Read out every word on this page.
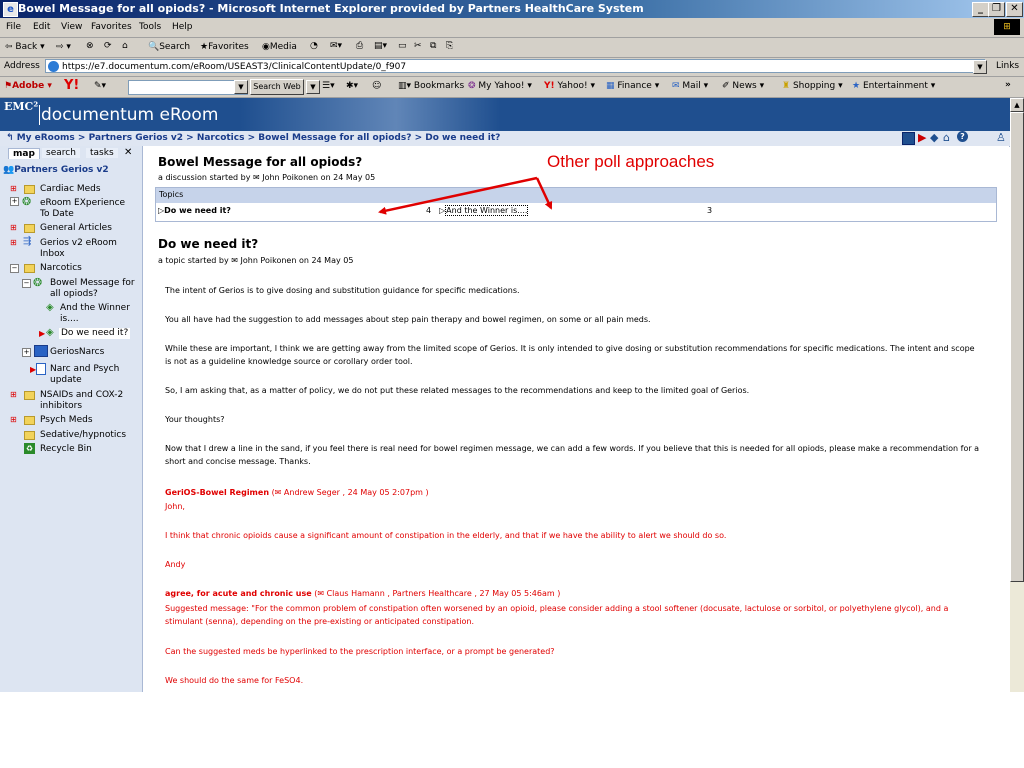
e Bowel Message for all opiods? - Microsoft Internet Explorer provided by Partners HealthCare System	_ ❐ ✕
File Edit View Favorites Tools Help	⊞
⇦ Back ▾ ⇨ ▾ ⊗ ⟳ ⌂ 🔍Search ★Favorites ◉Media ◔ ✉▾ ⎙ ▤▾ ▭ ✂ ⧉ ⎘
Address	https://e7.documentum.com/eRoom/USEAST3/ClinicalContentUpdate/0_f907	▼	Links
⚑Adobe ▾ Y! ✎▾	▼	Search Web	▼ ☰▾ ✱▾ ☺ ▥▾ Bookmarks ❂ My Yahoo! ▾ Y! Yahoo! ▾ ▦ Finance ▾ ✉ Mail ▾ ✐ News ▾ ♜ Shopping ▾ ★ Entertainment ▾	»
EMC² documentum eRoom
↰ My eRooms > Partners Gerios v2 > Narcotics > Bowel Message for all opiods? > Do we need it?	▶ ◆ ⌂	?	♙
map	search	tasks	✕
👥Partners Gerios v2
⊞	Cardiac Meds
+ ❂ eRoom EXperience To Date
⊞	General Articles
⊞ ⇶ Gerios v2 eRoom Inbox
−	Narcotics
− ❂ Bowel Message for all opiods?
◈ And the Winner is....
▶ ◈ Do we need it?
+ GeriosNarcs
▶ Narc and Psych update
⊞	NSAIDs and COX-2 inhibitors
⊞	Psych Meds
Sedative/hypnotics
♻ Recycle Bin
Bowel Message for all opiods?
a discussion started by ✉ John Poikonen on 24 May 05
Topics
▷Do we need it?	4 ▷And the Winner is....	3
Do we need it?
a topic started by ✉ John Poikonen on 24 May 05
The intent of Gerios is to give dosing and substitution guidance for specific medications.
You all have had the suggestion to add messages about step pain therapy and bowel regimen, on some or all pain meds.
While these are important, I think we are getting away from the limited scope of Gerios. It is only intended to give dosing or substitution recommendations for specific medications. The intent and scope is not as a guideline knowledge source or corollary order tool.
So, I am asking that, as a matter of policy, we do not put these related messages to the recommendations and keep to the limited goal of Gerios.
Your thoughts?
Now that I drew a line in the sand, if you feel there is real need for bowel regimen message, we can add a few words. If you believe that this is needed for all opiods, please make a recommendation for a short and concise message. Thanks.
GeriOS-Bowel Regimen (✉ Andrew Seger , 24 May 05 2:07pm )
John,
I think that chronic opioids cause a significant amount of constipation in the elderly, and that if we have the ability to alert we should do so.
Andy
agree, for acute and chronic use (✉ Claus Hamann , Partners Healthcare , 27 May 05 5:46am )
Suggested message: "For the common problem of constipation often worsened by an opioid, please consider adding a stool softener (docusate, lactulose or sorbitol, or polyethylene glycol), and a stimulant (senna), depending on the pre-existing or anticipated constipation.
Can the suggested meds be hyperlinked to the prescription interface, or a prompt be generated?
We should do the same for FeSO4.
▲
Other poll approaches
